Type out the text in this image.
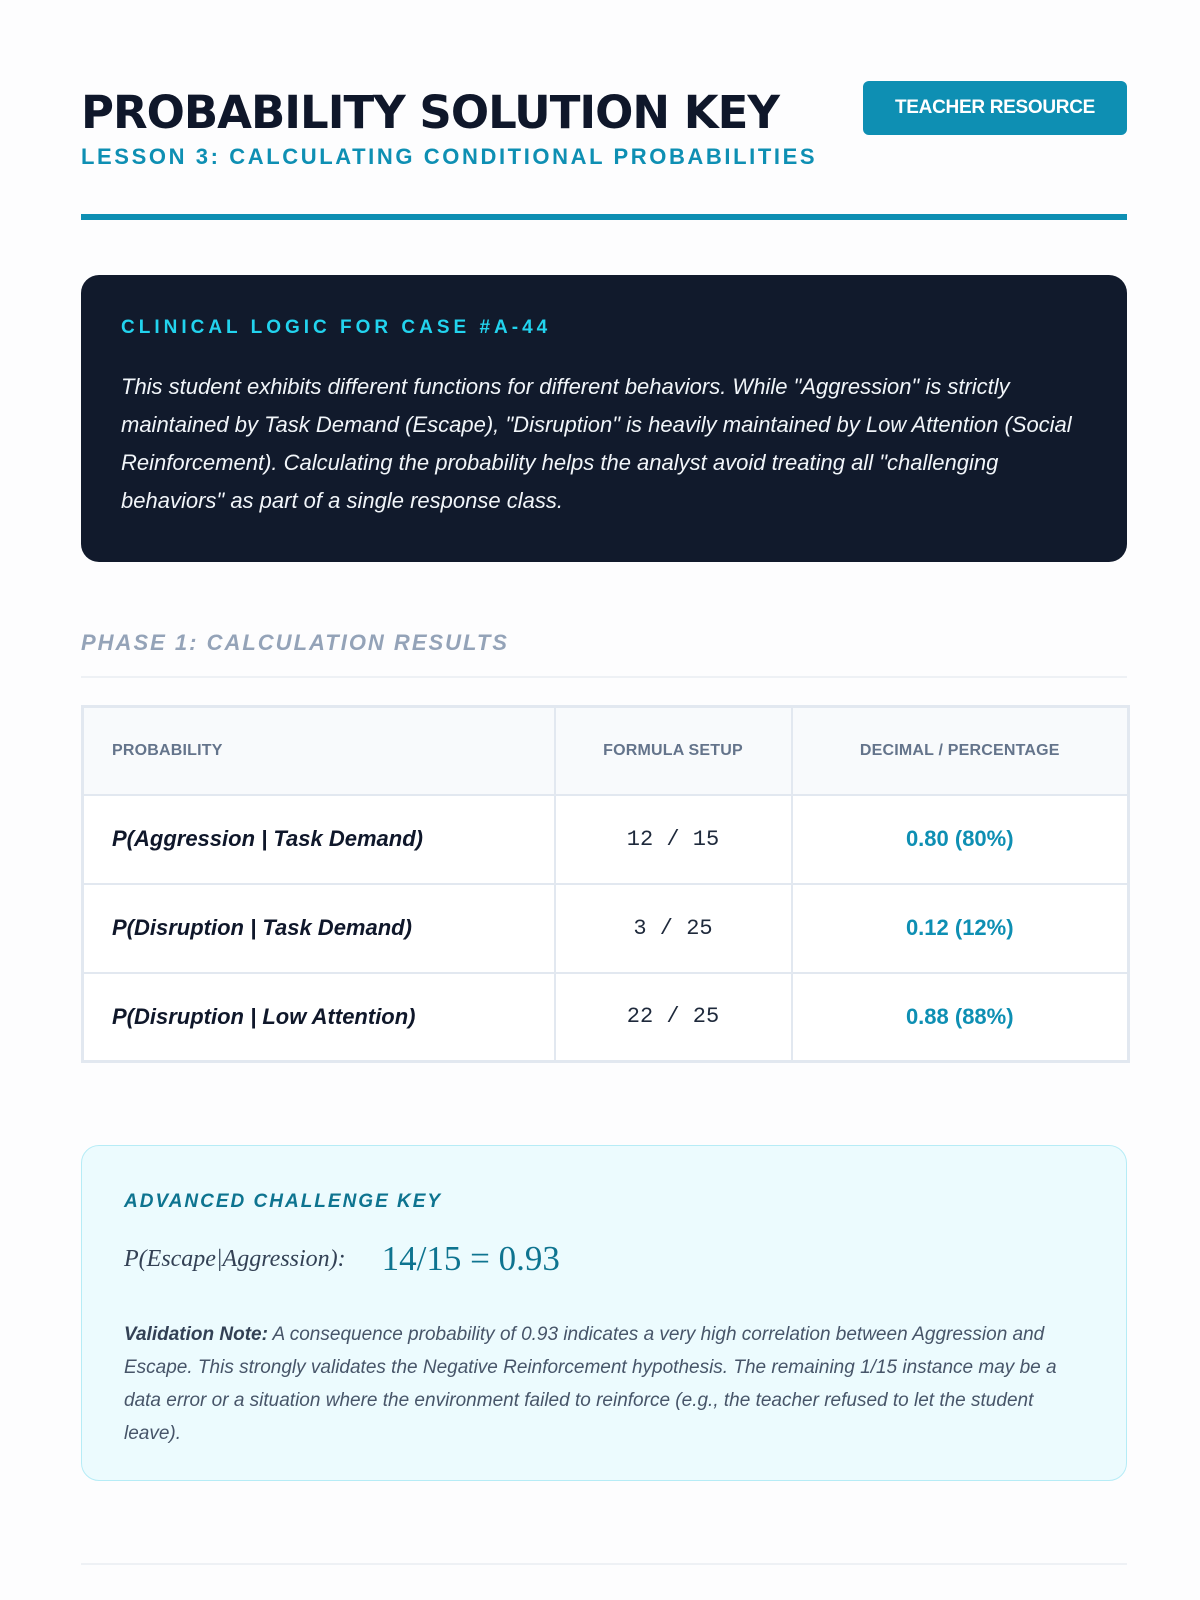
PROBABILITY SOLUTION KEY
LESSON 3: CALCULATING CONDITIONAL PROBABILITIES
TEACHER RESOURCE
CLINICAL LOGIC FOR CASE #A-44

This student exhibits different functions for different behaviors. While "Aggression" is strictly maintained by Task Demand (Escape), "Disruption" is heavily maintained by Low Attention (Social Reinforcement). Calculating the probability helps the analyst avoid treating all "challenging behaviors" as part of a single response class.

PHASE 1: CALCULATION RESULTS
PROBABILITY	FORMULA SETUP	DECIMAL / PERCENTAGE
P(Aggression | Task Demand)	12 / 15	0.80 (80%)
P(Disruption | Task Demand)	3 / 25	0.12 (12%)
P(Disruption | Low Attention)	22 / 25	0.88 (88%)
ADVANCED CHALLENGE KEY
P(Escape|Aggression): 14/15 = 0.93

Validation Note: A consequence probability of 0.93 indicates a very high correlation between Aggression and Escape. This strongly validates the Negative Reinforcement hypothesis. The remaining 1/15 instance may be a data error or a situation where the environment failed to reinforce (e.g., the teacher refused to let the student leave).
